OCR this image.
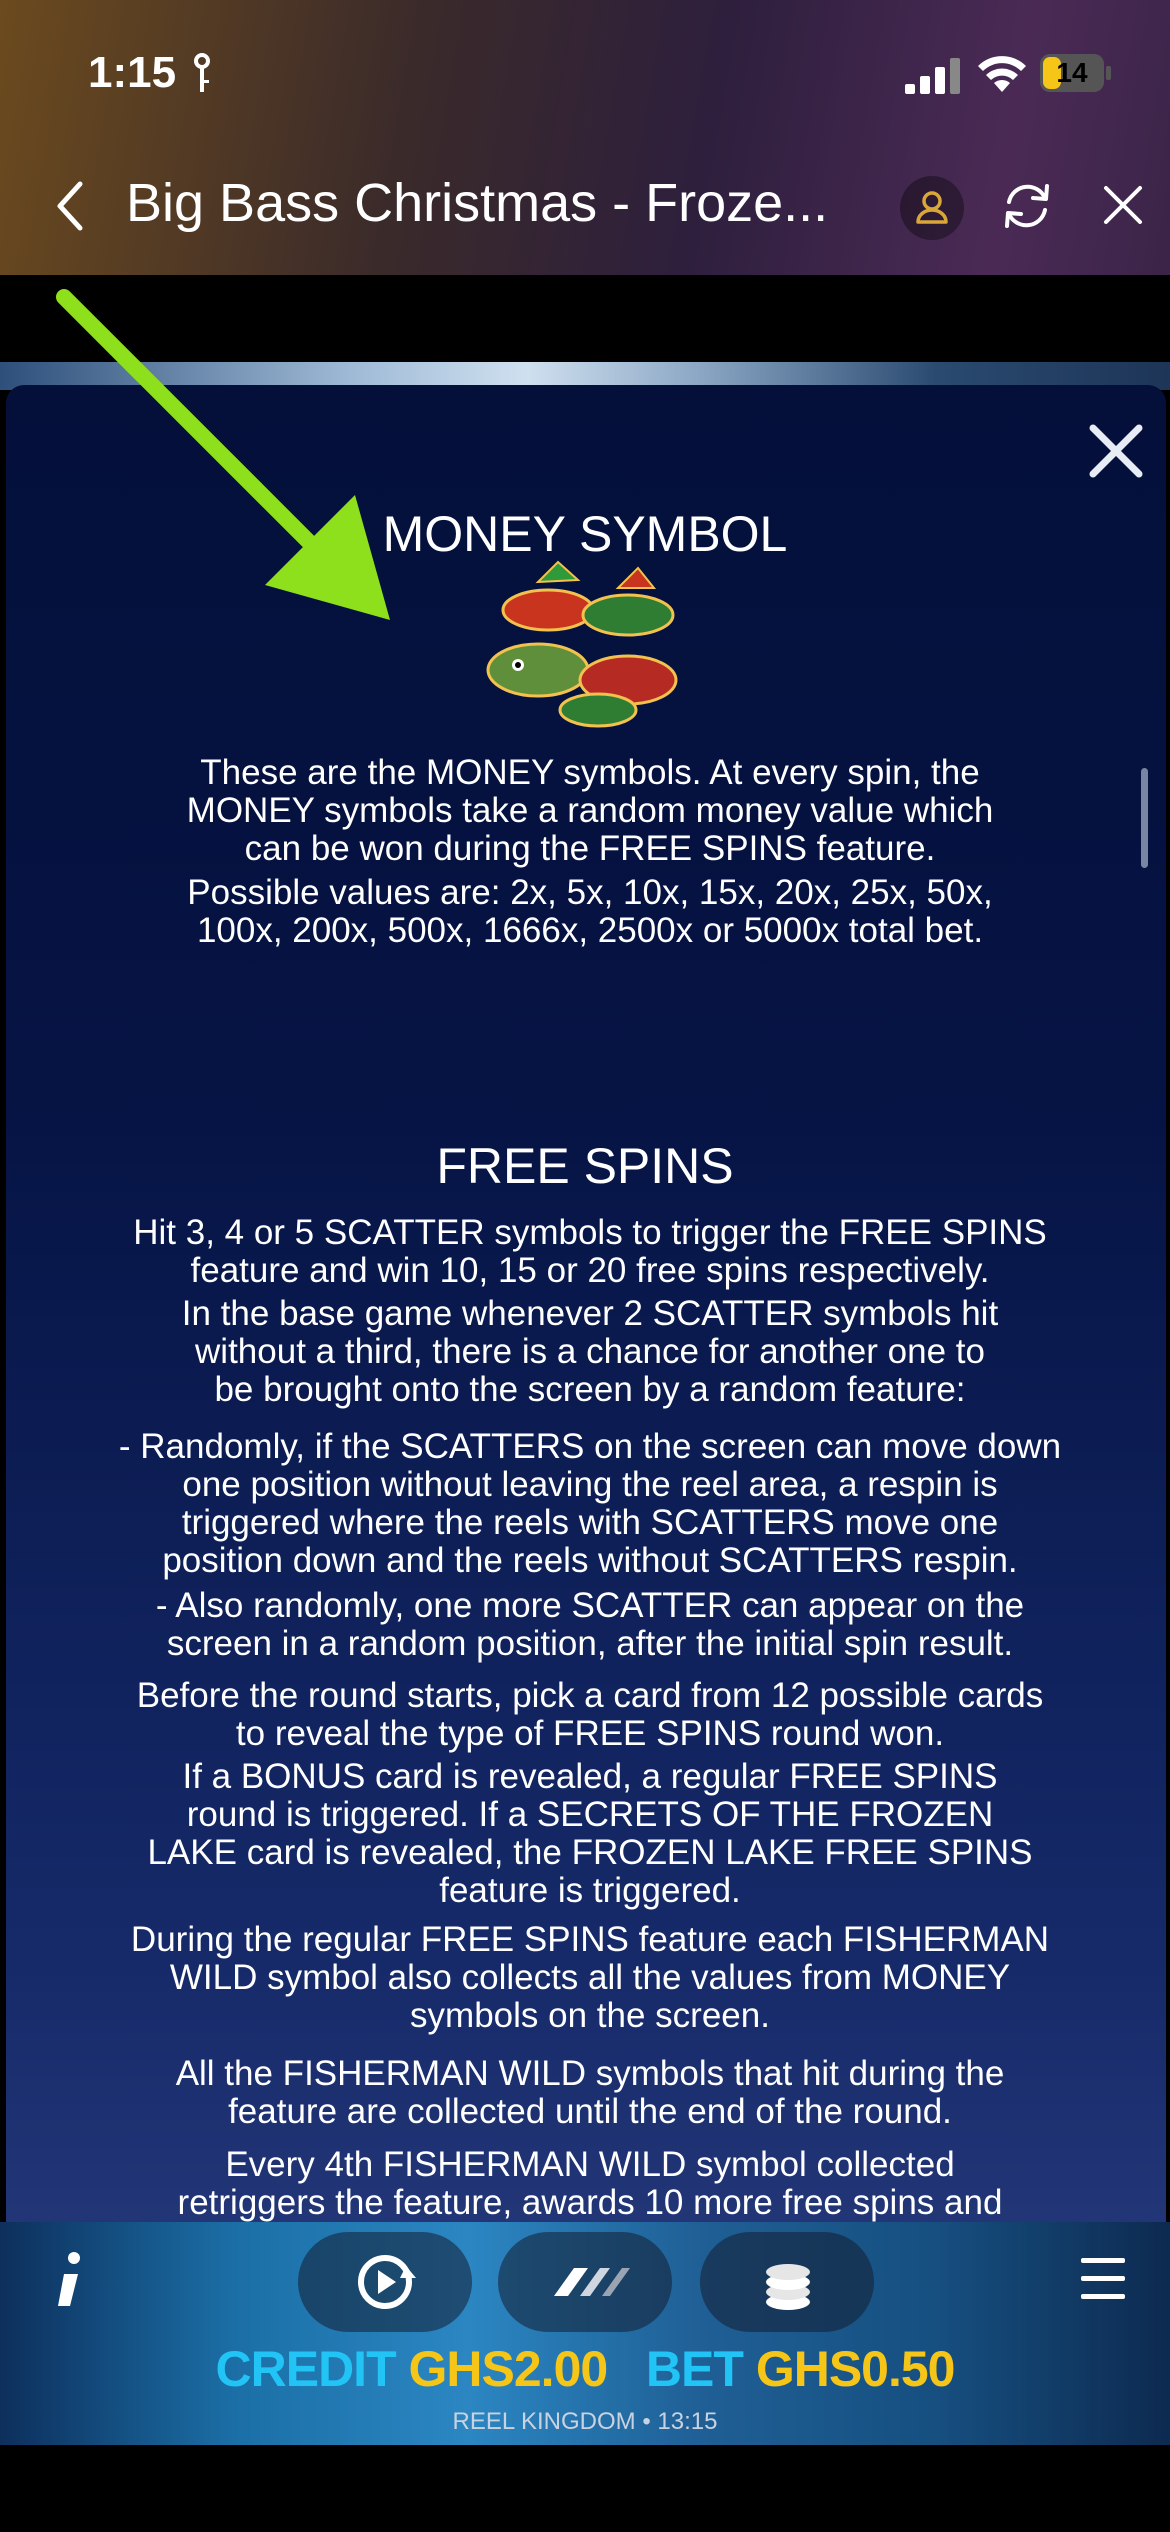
1:15	14
Big Bass Christmas - Froze...
MONEY SYMBOL
These are the MONEY symbols. At every spin, the
MONEY symbols take a random money value which
can be won during the FREE SPINS feature.
Possible values are: 2x, 5x, 10x, 15x, 20x, 25x, 50x,
100x, 200x, 500x, 1666x, 2500x or 5000x total bet.
FREE SPINS
Hit 3, 4 or 5 SCATTER symbols to trigger the FREE SPINS
feature and win 10, 15 or 20 free spins respectively.
In the base game whenever 2 SCATTER symbols hit
without a third, there is a chance for another one to
be brought onto the screen by a random feature:
- Randomly, if the SCATTERS on the screen can move down
one position without leaving the reel area, a respin is
triggered where the reels with SCATTERS move one
position down and the reels without SCATTERS respin.
- Also randomly, one more SCATTER can appear on the
screen in a random position, after the initial spin result.
Before the round starts, pick a card from 12 possible cards
to reveal the type of FREE SPINS round won.
If a BONUS card is revealed, a regular FREE SPINS
round is triggered. If a SECRETS OF THE FROZEN
LAKE card is revealed, the FROZEN LAKE FREE SPINS
feature is triggered.
During the regular FREE SPINS feature each FISHERMAN
WILD symbol also collects all the values from MONEY
symbols on the screen.
All the FISHERMAN WILD symbols that hit during the
feature are collected until the end of the round.
Every 4th FISHERMAN WILD symbol collected
retriggers the feature, awards 10 more free spins and
CREDIT GHS2.00 BET GHS0.50
REEL KINGDOM • 13:15
